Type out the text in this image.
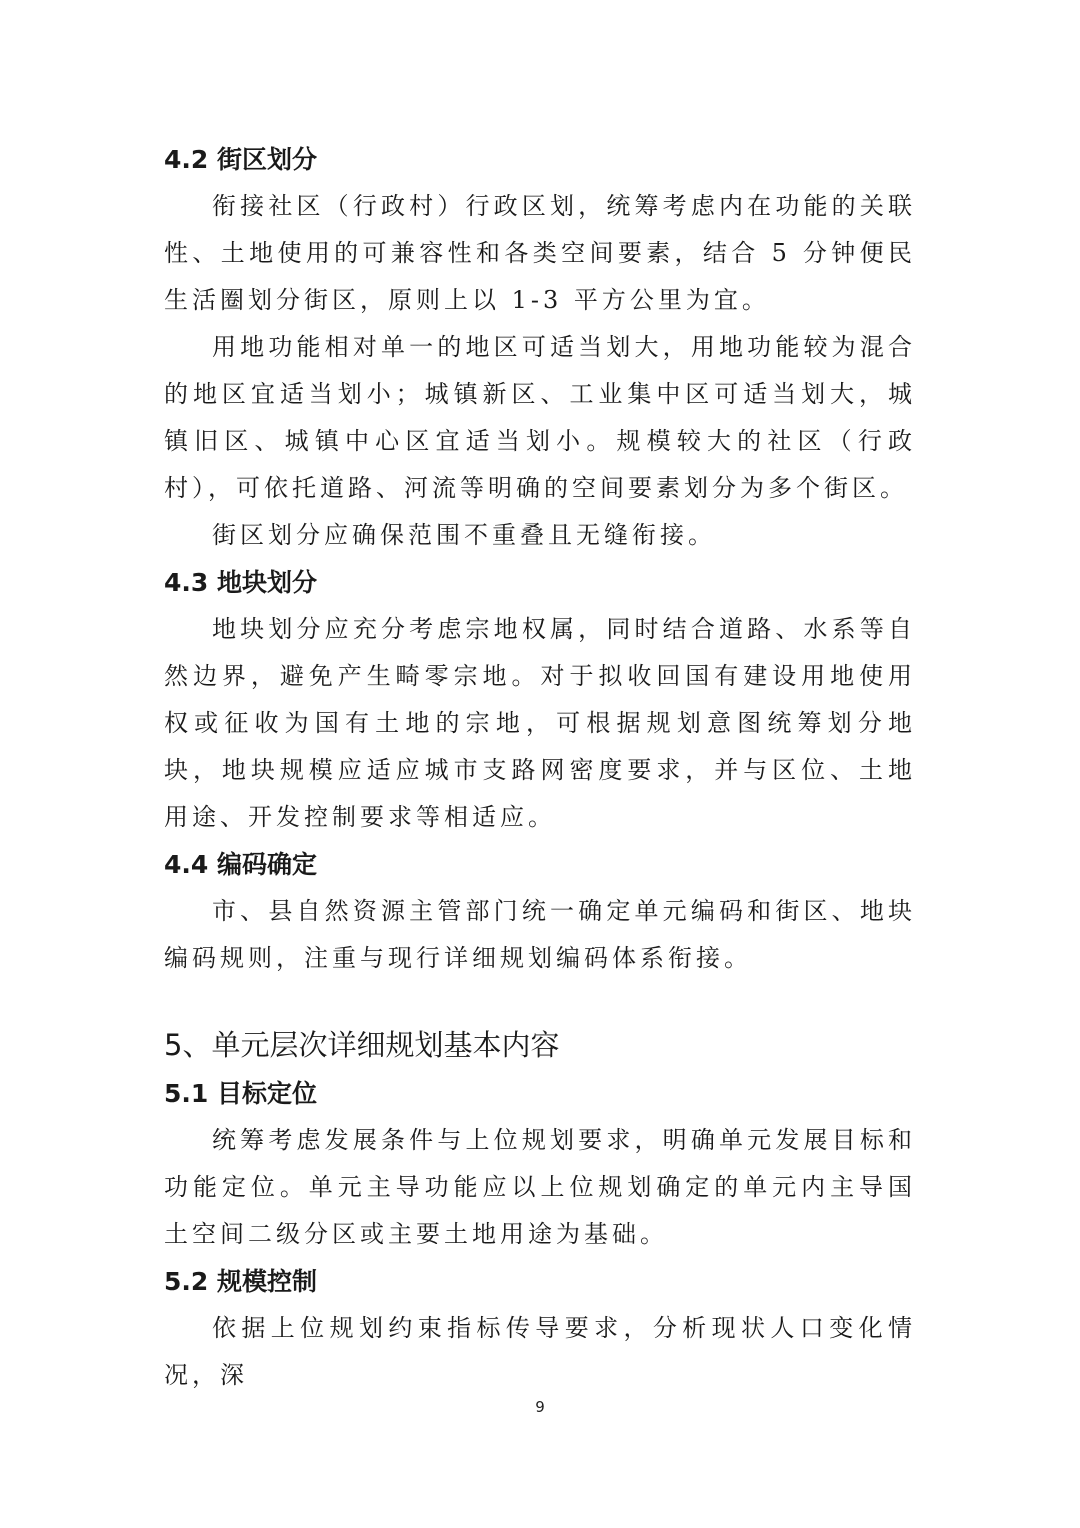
4.2 街区划分

衔接社区（行政村）行政区划，统筹考虑内在功能的关联性、土地使用的可兼容性和各类空间要素，结合 5 分钟便民生活圈划分街区，原则上以 1-3 平方公里为宜。

用地功能相对单一的地区可适当划大，用地功能较为混合的地区宜适当划小；城镇新区、工业集中区可适当划大，城镇旧区、城镇中心区宜适当划小。规模较大的社区（行政村），可依托道路、河流等明确的空间要素划分为多个街区。

街区划分应确保范围不重叠且无缝衔接。

4.3 地块划分

地块划分应充分考虑宗地权属，同时结合道路、水系等自然边界，避免产生畸零宗地。对于拟收回国有建设用地使用权或征收为国有土地的宗地，可根据规划意图统筹划分地块，地块规模应适应城市支路网密度要求，并与区位、土地用途、开发控制要求等相适应。

4.4 编码确定

市、县自然资源主管部门统一确定单元编码和街区、地块编码规则，注重与现行详细规划编码体系衔接。

5、单元层次详细规划基本内容
5.1 目标定位

统筹考虑发展条件与上位规划要求，明确单元发展目标和功能定位。单元主导功能应以上位规划确定的单元内主导国土空间二级分区或主要土地用途为基础。

5.2 规模控制

依据上位规划约束指标传导要求，分析现状人口变化情况，深

9
